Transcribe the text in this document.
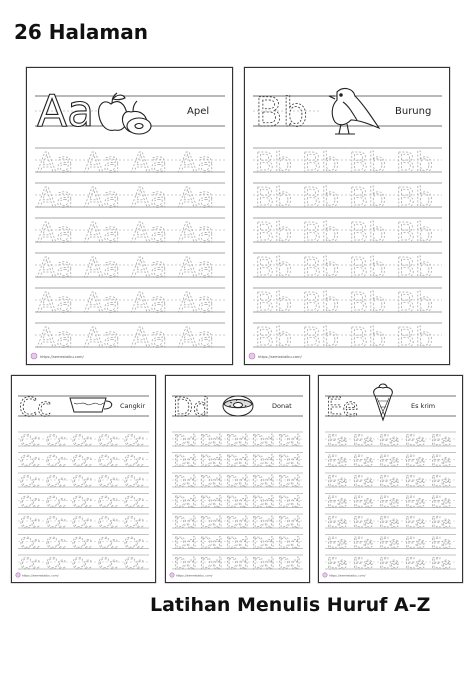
26 Halaman
Aa	Apel
Aa Aa Aa Aa
Aa Aa Aa Aa
Aa Aa Aa Aa
Aa Aa Aa Aa
Aa Aa Aa Aa
Aa Aa Aa Aa
https://semestaibu.com/
Bb	Burung
Bb Bb Bb Bb
Bb Bb Bb Bb
Bb Bb Bb Bb
Bb Bb Bb Bb
Bb Bb Bb Bb
Bb Bb Bb Bb
https://semestaibu.com/
Cc	Cangkir
Cc Cc Cc Cc Cc
Cc Cc Cc Cc Cc
Cc Cc Cc Cc Cc
Cc Cc Cc Cc Cc
Cc Cc Cc Cc Cc
Cc Cc Cc Cc Cc
Cc Cc Cc Cc Cc
https://semestaibu.com/
Dd	Donat
Dd Dd Dd Dd Dd
Dd Dd Dd Dd Dd
Dd Dd Dd Dd Dd
Dd Dd Dd Dd Dd
Dd Dd Dd Dd Dd
Dd Dd Dd Dd Dd
Dd Dd Dd Dd Dd
https://semestaibu.com/
Ee	Es krim
Ee Ee Ee Ee Ee
Ee Ee Ee Ee Ee
Ee Ee Ee Ee Ee
Ee Ee Ee Ee Ee
Ee Ee Ee Ee Ee
Ee Ee Ee Ee Ee
Ee Ee Ee Ee Ee
https://semestaibu.com/
Latihan Menulis Huruf A-Z
